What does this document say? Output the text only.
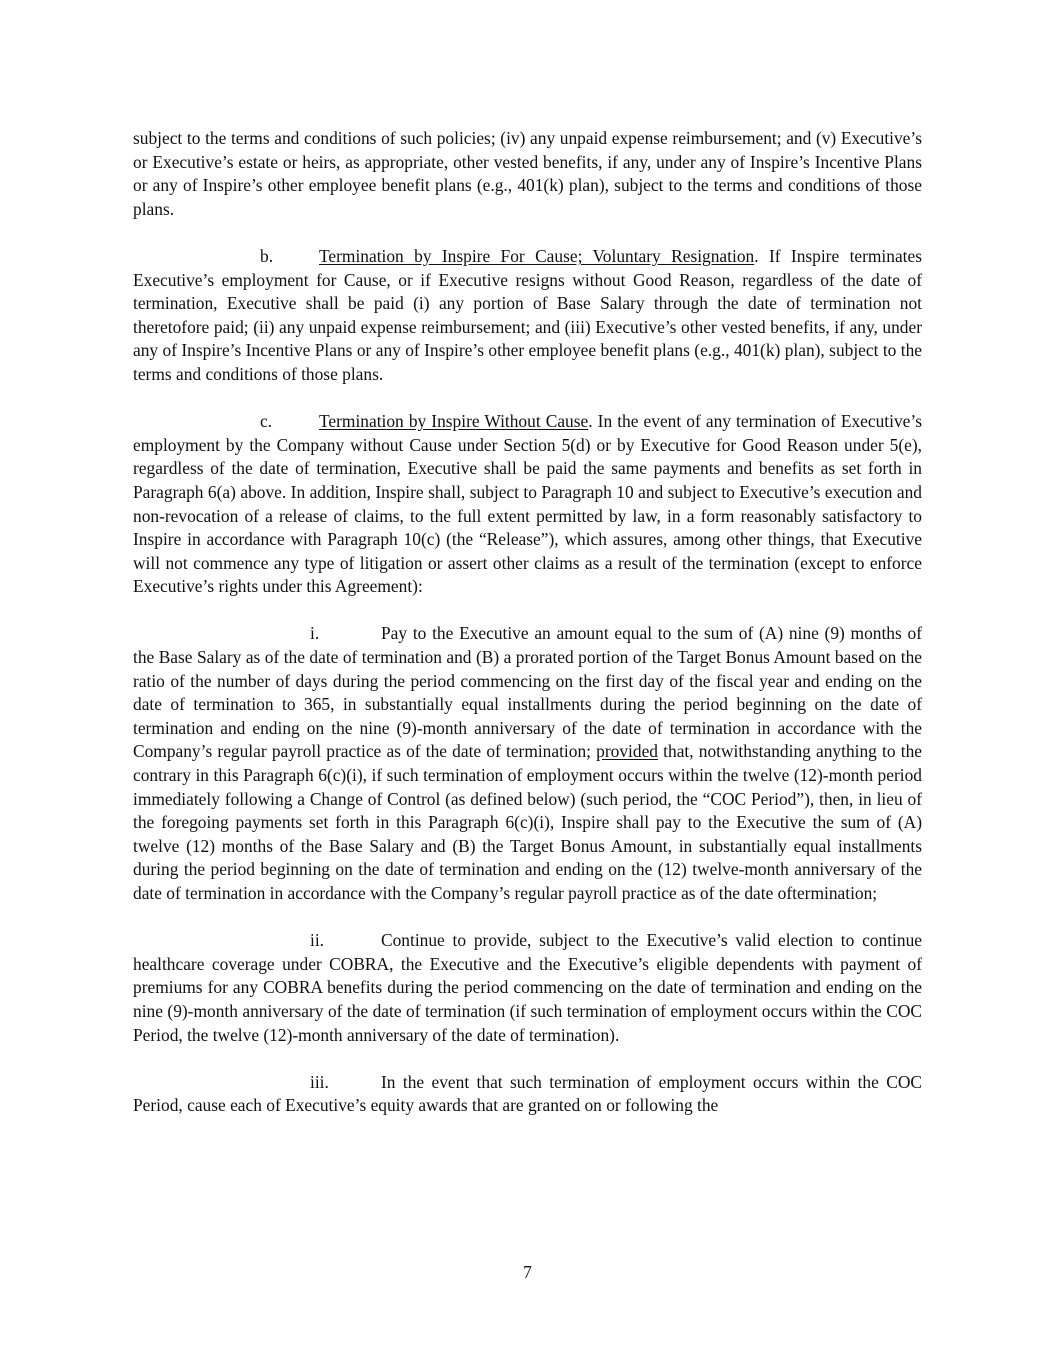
subject to the terms and conditions of such policies; (iv) any unpaid expense reimbursement; and (v) Executive’s or Executive’s estate or heirs, as appropriate, other vested benefits, if any, under any of Inspire’s Incentive Plans or any of Inspire’s other employee benefit plans (e.g., 401(k) plan), subject to the terms and conditions of those plans.

b.	Termination by Inspire For Cause; Voluntary Resignation. If Inspire terminates Executive’s employment for Cause, or if Executive resigns without Good Reason, regardless of the date of termination, Executive shall be paid (i) any portion of Base Salary through the date of termination not theretofore paid; (ii) any unpaid expense reimbursement; and (iii) Executive’s other vested benefits, if any, under any of Inspire’s Incentive Plans or any of Inspire’s other employee benefit plans (e.g., 401(k) plan), subject to the terms and conditions of those plans.

c.	Termination by Inspire Without Cause. In the event of any termination of Executive’s employment by the Company without Cause under Section 5(d) or by Executive for Good Reason under 5(e), regardless of the date of termination, Executive shall be paid the same payments and benefits as set forth in Paragraph 6(a) above. In addition, Inspire shall, subject to Paragraph 10 and subject to Executive’s execution and non-revocation of a release of claims, to the full extent permitted by law, in a form reasonably satisfactory to Inspire in accordance with Paragraph 10(c) (the “Release”), which assures, among other things, that Executive will not commence any type of litigation or assert other claims as a result of the termination (except to enforce Executive’s rights under this Agreement):

i.	Pay to the Executive an amount equal to the sum of (A) nine (9) months of the Base Salary as of the date of termination and (B) a prorated portion of the Target Bonus Amount based on the ratio of the number of days during the period commencing on the first day of the fiscal year and ending on the date of termination to 365, in substantially equal installments during the period beginning on the date of termination and ending on the nine (9)-month anniversary of the date of termination in accordance with the Company’s regular payroll practice as of the date of termination; provided that, notwithstanding anything to the contrary in this Paragraph 6(c)(i), if such termination of employment occurs within the twelve (12)-month period immediately following a Change of Control (as defined below) (such period, the “COC Period”), then, in lieu of the foregoing payments set forth in this Paragraph 6(c)(i), Inspire shall pay to the Executive the sum of (A) twelve (12) months of the Base Salary and (B) the Target Bonus Amount, in substantially equal installments during the period beginning on the date of termination and ending on the (12) twelve-month anniversary of the date of termination in accordance with the Company’s regular payroll practice as of the date oftermination;

ii.	Continue to provide, subject to the Executive’s valid election to continue healthcare coverage under COBRA, the Executive and the Executive’s eligible dependents with payment of premiums for any COBRA benefits during the period commencing on the date of termination and ending on the nine (9)-month anniversary of the date of termination (if such termination of employment occurs within the COC Period, the twelve (12)-month anniversary of the date of termination).

iii.	In the event that such termination of employment occurs within the COC Period, cause each of Executive’s equity awards that are granted on or following the

7
